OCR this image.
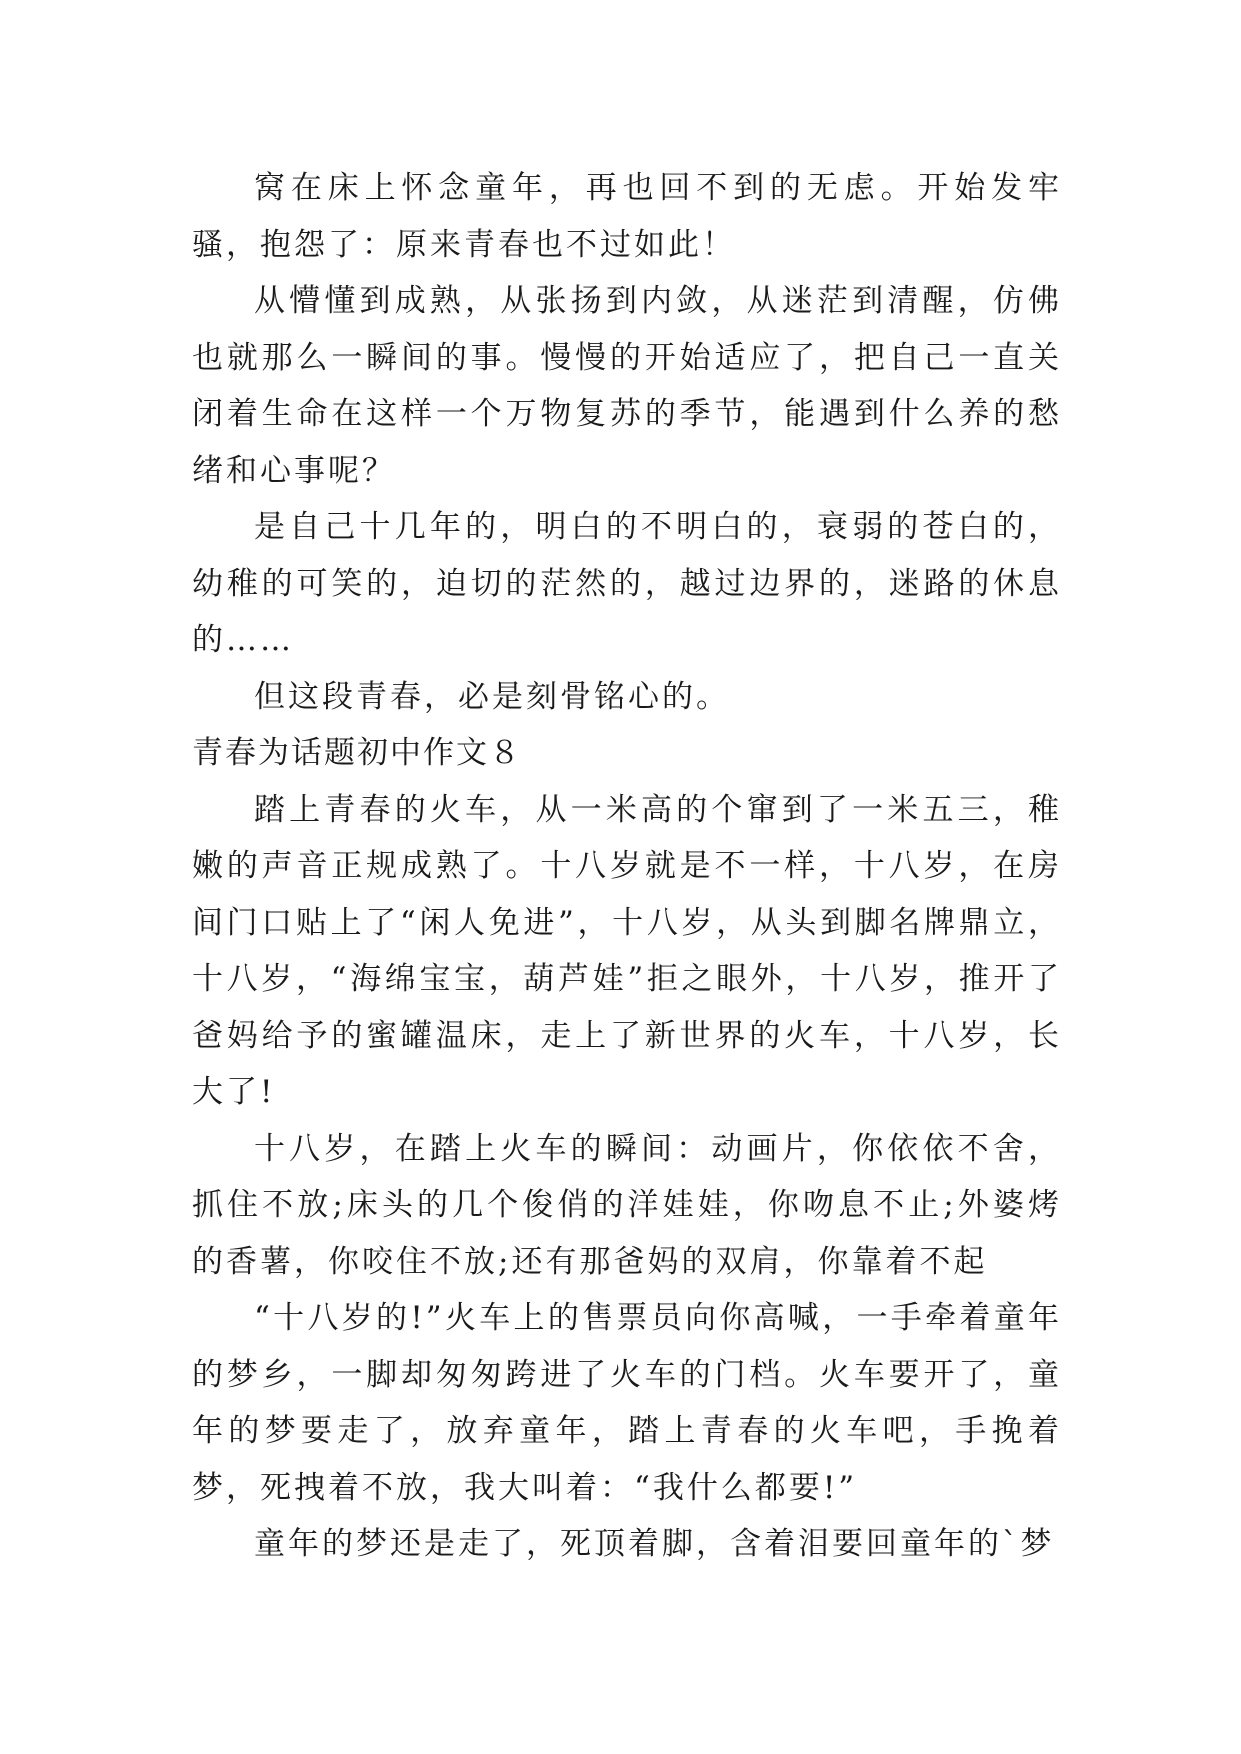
窝在床上怀念童年，再也回不到的无虑。开始发牢骚，抱怨了：原来青春也不过如此！

从懵懂到成熟，从张扬到内敛，从迷茫到清醒，仿佛也就那么一瞬间的事。慢慢的开始适应了，把自己一直关闭着生命在这样一个万物复苏的季节，能遇到什么养的愁绪和心事呢？

是自己十几年的，明白的不明白的，衰弱的苍白的，幼稚的可笑的，迫切的茫然的，越过边界的，迷路的休息的……

但这段青春，必是刻骨铭心的。

青春为话题初中作文８

踏上青春的火车，从一米高的个窜到了一米五三，稚嫩的声音正规成熟了。十八岁就是不一样，十八岁，在房间门口贴上了“闲人免进”，十八岁，从头到脚名牌鼎立，十八岁，“海绵宝宝，葫芦娃”拒之眼外，十八岁，推开了爸妈给予的蜜罐温床，走上了新世界的火车，十八岁，长大了!

十八岁，在踏上火车的瞬间：动画片，你依依不舍，抓住不放;床头的几个俊俏的洋娃娃，你吻息不止;外婆烤的香薯，你咬住不放;还有那爸妈的双肩，你靠着不起

“十八岁的!”火车上的售票员向你高喊，一手牵着童年的梦乡，一脚却匆匆跨进了火车的门档。火车要开了，童年的梦要走了，放弃童年，踏上青春的火车吧，手挽着梦，死拽着不放，我大叫着：“我什么都要!”

童年的梦还是走了，死顶着脚，含着泪要回童年的`梦
